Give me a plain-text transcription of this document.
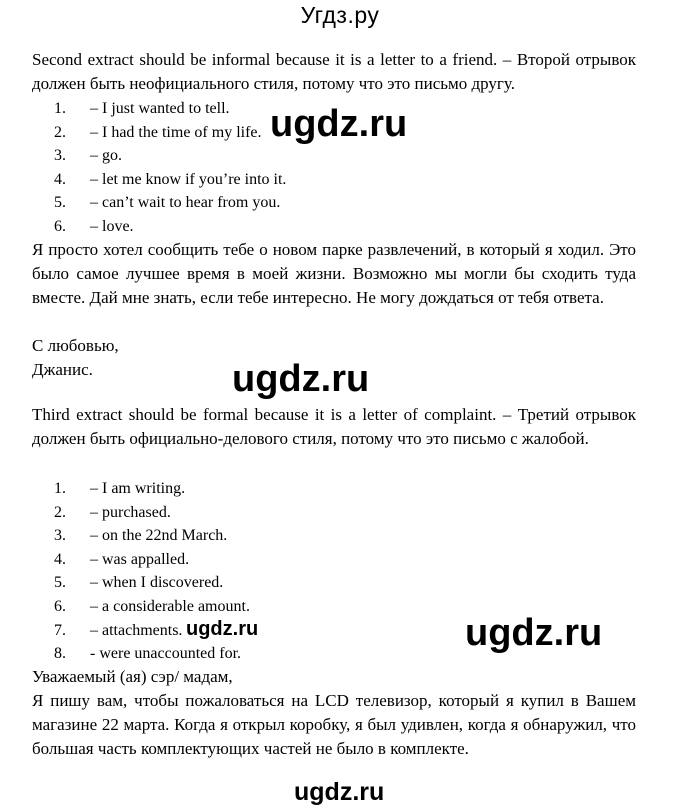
Угдз.ру
Second extract should be informal because it is a letter to a friend. – Второй отрывок должен быть неофициального стиля, потому что это письмо другу.
1. – I just wanted to tell.
2. – I had the time of my life.
3. – go.
4. – let me know if you’re into it.
5. – can’t wait to hear from you.
6. – love.
Я просто хотел сообщить тебе о новом парке развлечений, в который я ходил. Это было самое лучшее время в моей жизни. Возможно мы могли бы сходить туда вместе. Дай мне знать, если тебе интересно. Не могу дождаться от тебя ответа.
С любовью,
Джанис.
Third extract should be formal because it is a letter of complaint. – Третий отрывок должен быть официально-делового стиля, потому что это письмо с жалобой.
1. – I am writing.
2. – purchased.
3. – on the 22nd March.
4. – was appalled.
5. – when I discovered.
6. – a considerable amount.
7. – attachments.
8. - were unaccounted for.
Уважаемый (ая) сэр/ мадам,
Я пишу вам, чтобы пожаловаться на LCD телевизор, который я купил в Вашем магазине 22 марта. Когда я открыл коробку, я был удивлен, когда я обнаружил, что большая часть комплектующих частей не было в комплекте.
ugdz.ru
ugdz.ru
ugdz.ru	ugdz.ru
ugdz.ru
